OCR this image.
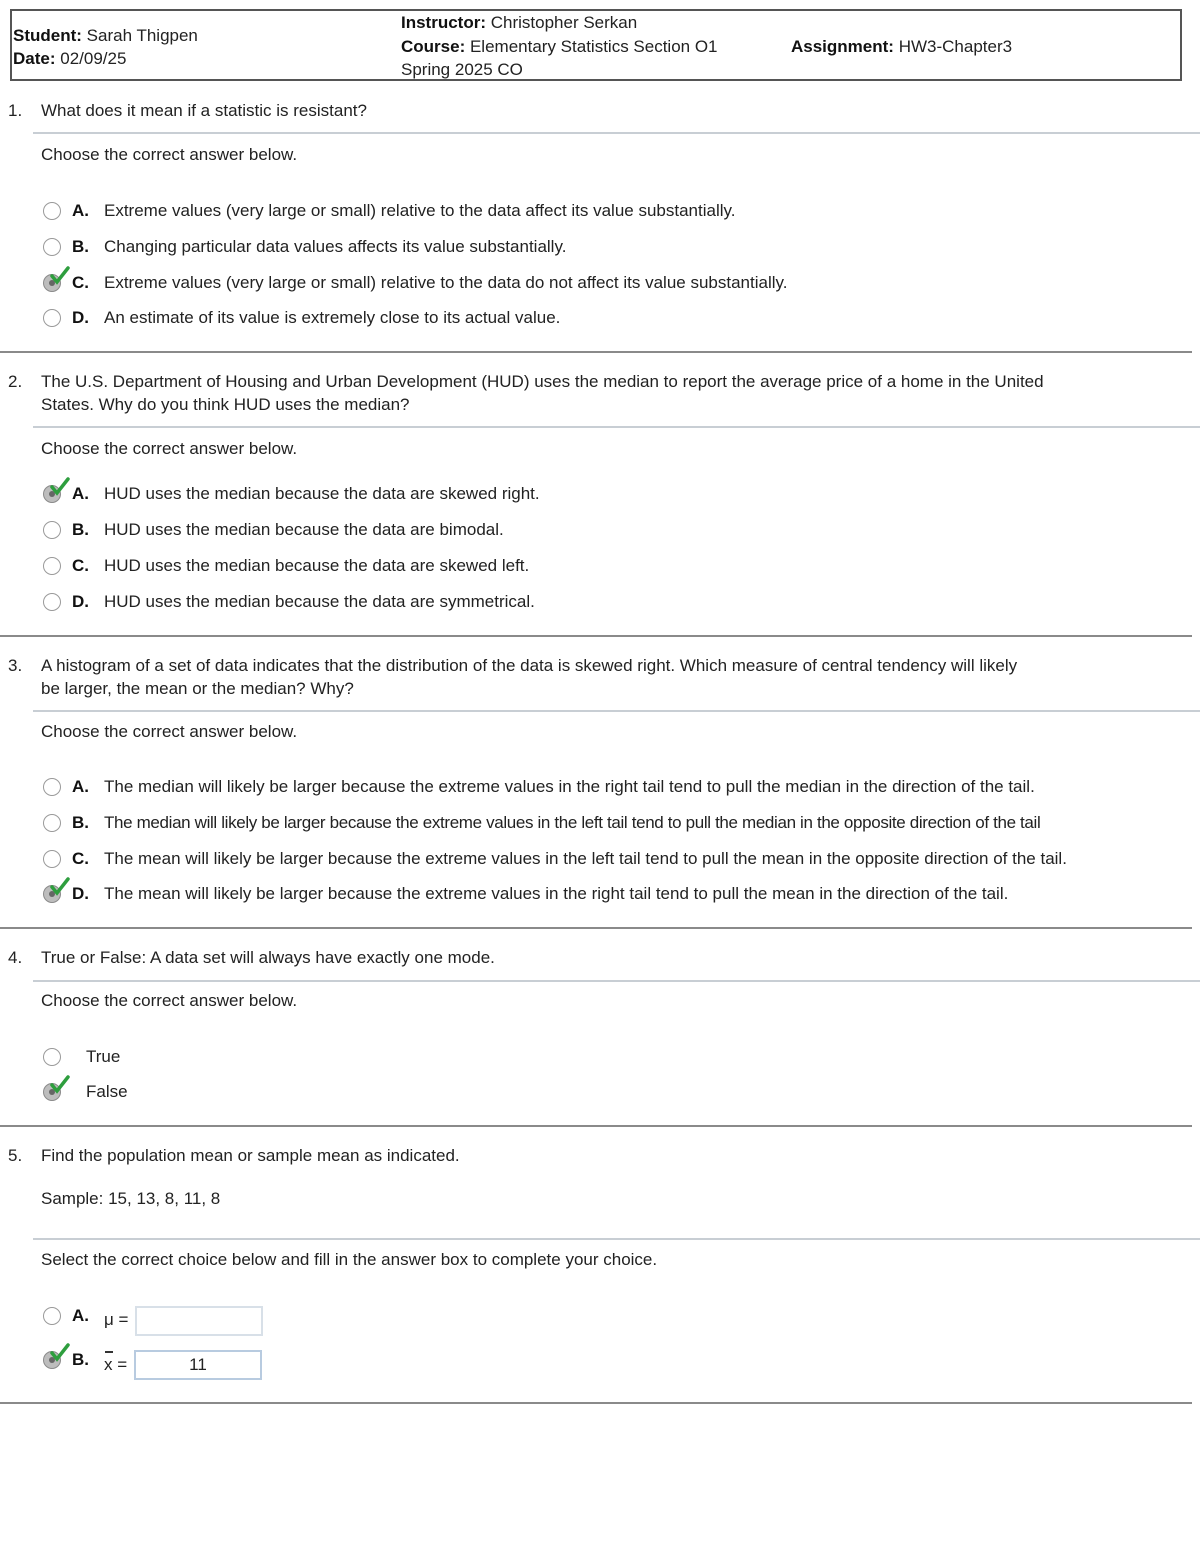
Student: Sarah Thigpen
Date: 02/09/25
Instructor: Christopher Serkan
Course: Elementary Statistics Section O1
Spring 2025 CO
Assignment: HW3-Chapter3
1. What does it mean if a statistic is resistant?
Choose the correct answer below.
A. Extreme values (very large or small) relative to the data affect its value substantially.
B. Changing particular data values affects its value substantially.
C. Extreme values (very large or small) relative to the data do not affect its value substantially.
D. An estimate of its value is extremely close to its actual value.
2. The U.S. Department of Housing and Urban Development (HUD) uses the median to report the average price of a home in the United
States. Why do you think HUD uses the median?
Choose the correct answer below.
A. HUD uses the median because the data are skewed right.
B. HUD uses the median because the data are bimodal.
C. HUD uses the median because the data are skewed left.
D. HUD uses the median because the data are symmetrical.
3. A histogram of a set of data indicates that the distribution of the data is skewed right. Which measure of central tendency will likely
be larger, the mean or the median? Why?
Choose the correct answer below.
A. The median will likely be larger because the extreme values in the right tail tend to pull the median in the direction of the tail.
B. The median will likely be larger because the extreme values in the left tail tend to pull the median in the opposite direction of the tail
C. The mean will likely be larger because the extreme values in the left tail tend to pull the mean in the opposite direction of the tail.
D. The mean will likely be larger because the extreme values in the right tail tend to pull the mean in the direction of the tail.
4. True or False: A data set will always have exactly one mode.
Choose the correct answer below.
True
False
5. Find the population mean or sample mean as indicated.
Sample: 15, 13, 8, 11, 8
Select the correct choice below and fill in the answer box to complete your choice.
A. μ =
B. x =	11
